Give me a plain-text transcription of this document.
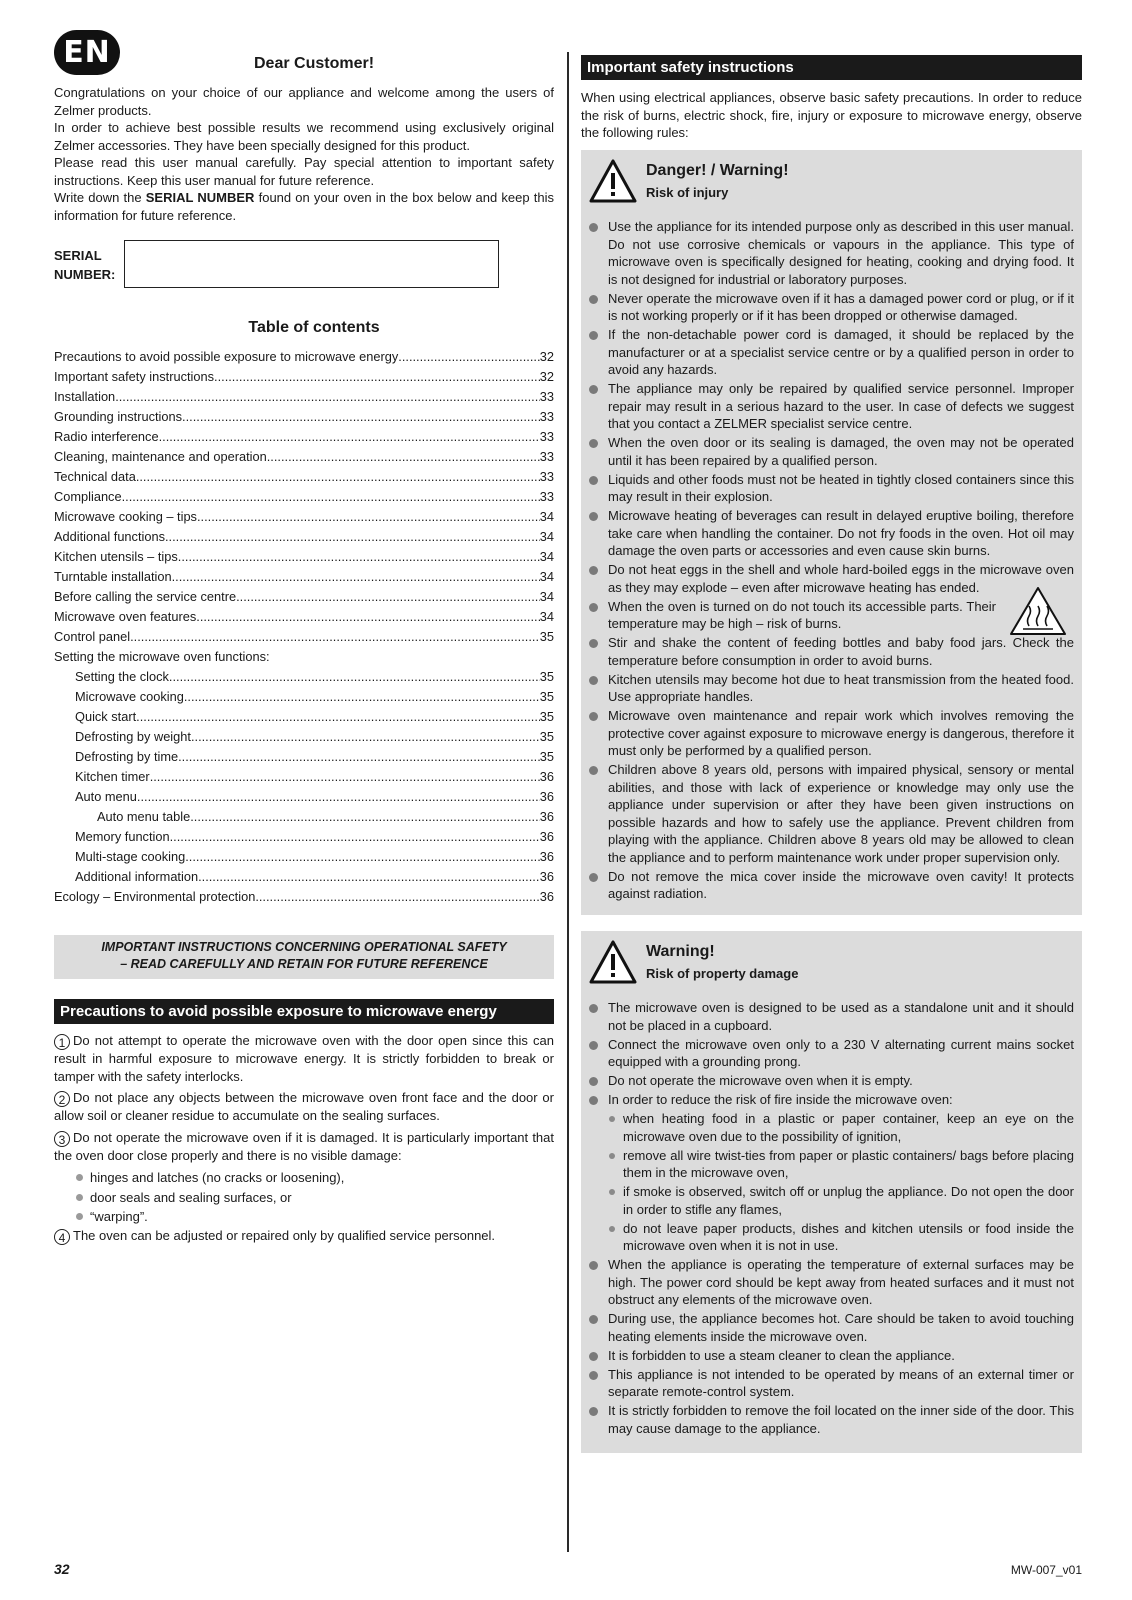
EN	Dear Customer!
Congratulations on your choice of our appliance and welcome among the users of Zelmer products.
In order to achieve best possible results we recommend using exclusively original Zelmer accessories. They have been specially designed for this product.
Please read this user manual carefully. Pay special attention to important safety instructions. Keep this user manual for future reference.
Write down the SERIAL NUMBER found on your oven in the box below and keep this information for future reference.
SERIAL
NUMBER:
Table of contents
Precautions to avoid possible exposure to microwave energy .....	32
Important safety instructions .....	32
Installation .....	33
Grounding instructions .....	33
Radio interference .....	33
Cleaning, maintenance and operation .....	33
Technical data .....	33
Compliance .....	33
Microwave cooking – tips .....	34
Additional functions .....	34
Kitchen utensils – tips .....	34
Turntable installation .....	34
Before calling the service centre .....	34
Microwave oven features .....	34
Control panel .....	35
Setting the microwave oven functions:
Setting the clock .....	35
Microwave cooking .....	35
Quick start .....	35
Defrosting by weight .....	35
Defrosting by time .....	35
Kitchen timer .....	36
Auto menu .....	36
Auto menu table .....	36
Memory function .....	36
Multi-stage cooking .....	36
Additional information .....	36
Ecology – Environmental protection .....	36
IMPORTANT INSTRUCTIONS CONCERNING OPERATIONAL SAFETY
– READ CAREFULLY AND RETAIN FOR FUTURE REFERENCE
Precautions to avoid possible exposure to microwave energy
1 Do not attempt to operate the microwave oven with the door open since this can result in harmful exposure to microwave energy. It is strictly forbidden to break or tamper with the safety interlocks.
2 Do not place any objects between the microwave oven front face and the door or allow soil or cleaner residue to accumulate on the sealing surfaces.
3 Do not operate the microwave oven if it is damaged. It is particularly important that the oven door close properly and there is no visible damage:
hinges and latches (no cracks or loosening),
door seals and sealing surfaces, or
“warping”.
4 The oven can be adjusted or repaired only by qualified service personnel.
32
Important safety instructions
When using electrical appliances, observe basic safety precautions. In order to reduce the risk of burns, electric shock, fire, injury or exposure to microwave energy, observe the following rules:
Danger! / Warning!
Risk of injury
Use the appliance for its intended purpose only as described in this user manual. Do not use corrosive chemicals or vapours in the appliance. This type of microwave oven is specifically designed for heating, cooking and drying food. It is not designed for industrial or laboratory purposes.
Never operate the microwave oven if it has a damaged power cord or plug, or if it is not working properly or if it has been dropped or otherwise damaged.
If the non-detachable power cord is damaged, it should be replaced by the manufacturer or at a specialist service centre or by a qualified person in order to avoid any hazards.
The appliance may only be repaired by qualified service personnel. Improper repair may result in a serious hazard to the user. In case of defects we suggest that you contact a ZELMER specialist service centre.
When the oven door or its sealing is damaged, the oven may not be operated until it has been repaired by a qualified person.
Liquids and other foods must not be heated in tightly closed containers since this may result in their explosion.
Microwave heating of beverages can result in delayed eruptive boiling, therefore take care when handling the container. Do not fry foods in the oven. Hot oil may damage the oven parts or accessories and even cause skin burns.
Do not heat eggs in the shell and whole hard-boiled eggs in the microwave oven as they may explode – even after microwave heating has ended.
When the oven is turned on do not touch its accessible parts. Their temperature may be high – risk of burns.
Stir and shake the content of feeding bottles and baby food jars. Check the temperature before consumption in order to avoid burns.
Kitchen utensils may become hot due to heat transmission from the heated food. Use appropriate handles.
Microwave oven maintenance and repair work which involves removing the protective cover against exposure to microwave energy is dangerous, therefore it must only be performed by a qualified person.
Children above 8 years old, persons with impaired physical, sensory or mental abilities, and those with lack of experience or knowledge may only use the appliance under supervision or after they have been given instructions on possible hazards and how to safely use the appliance. Prevent children from playing with the appliance. Children above 8 years old may be allowed to clean the appliance and to perform maintenance work under proper supervision only.
Do not remove the mica cover inside the microwave oven cavity! It protects against radiation.
Warning!
Risk of property damage
The microwave oven is designed to be used as a standalone unit and it should not be placed in a cupboard.
Connect the microwave oven only to a 230 V alternating current mains socket equipped with a grounding prong.
Do not operate the microwave oven when it is empty.
In order to reduce the risk of fire inside the microwave oven:
when heating food in a plastic or paper container, keep an eye on the microwave oven due to the possibility of ignition,
remove all wire twist-ties from paper or plastic containers/ bags before placing them in the microwave oven,
if smoke is observed, switch off or unplug the appliance. Do not open the door in order to stifle any flames,
do not leave paper products, dishes and kitchen utensils or food inside the microwave oven when it is not in use.
When the appliance is operating the temperature of external surfaces may be high. The power cord should be kept away from heated surfaces and it must not obstruct any elements of the microwave oven.
During use, the appliance becomes hot. Care should be taken to avoid touching heating elements inside the microwave oven.
It is forbidden to use a steam cleaner to clean the appliance.
This appliance is not intended to be operated by means of an external timer or separate remote-control system.
It is strictly forbidden to remove the foil located on the inner side of the door. This may cause damage to the appliance.
MW-007_v01
